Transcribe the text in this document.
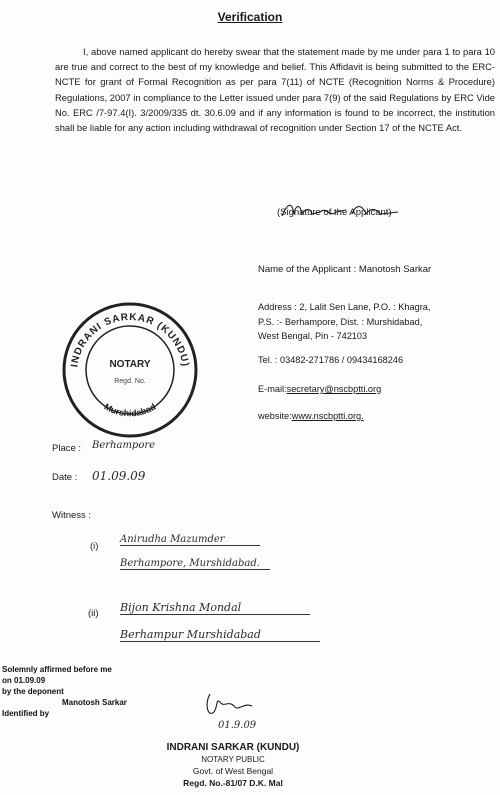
Verification
I, above named applicant do hereby swear that the statement made by me under para 1 to para 10 are true and correct to the best of my knowledge and belief. This Affidavit is being submitted to the ERC-NCTE for grant of Formal Recognition as per para 7(11) of NCTE (Recognition Norms & Procedure) Regulations, 2007 in compliance to the Letter issued under para 7(9) of the said Regulations by ERC Vide No. ERC /7-97.4(I). 3/2009/335 dt. 30.6.09 and if any information is found to be incorrect, the institution shall be liable for any action including withdrawal of recognition under Section 17 of the NCTE Act.
(Signature of the Applicant)
Name of the Applicant : Manotosh Sarkar
Address : 2, Lalit Sen Lane, P.O. : Khagra,
P.S. :- Berhampore, Dist. : Murshidabad,
West Bengal, Pin - 742103
Tel. : 03482-271786 / 09434168246
E-mail:secretary@nscbptti.org
website:www.nscbptti.org.
INDRANI SARKAR (KUNDU)
Murshidabad
NOTARY
Regd. No.
Place : Berhampore
Date : 01.09.09
Witness :
(i)
Anirudha Mazumder
Berhampore, Murshidabad.
(ii) Bijon Krishna Mondal
Berhampur Murshidabad
Solemnly affirmed before me
on 01.09.09
by the deponent
Manotosh Sarkar
Identified by
01.9.09
INDRANI SARKAR (KUNDU)
NOTARY PUBLIC
Govt. of West Bengal
Regd. No.-81/07 D.K. Mal
